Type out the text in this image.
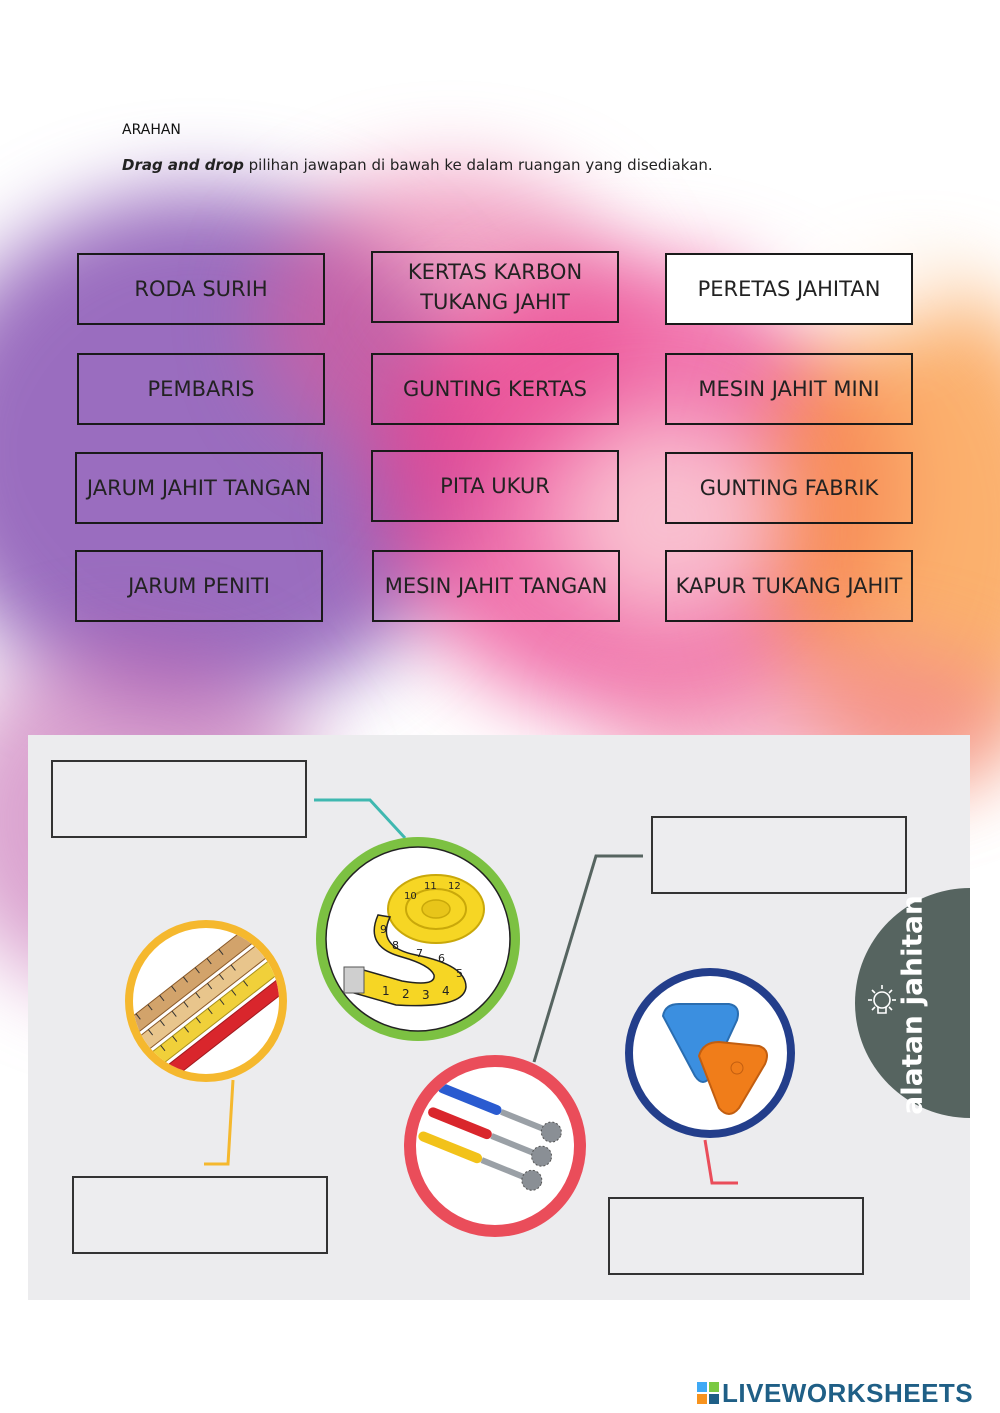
ARAHAN
Drag and drop pilihan jawapan di bawah ke dalam ruangan yang disediakan.
RODA SURIH
KERTAS KARBON TUKANG JAHIT
PERETAS JAHITAN
PEMBARIS	GUNTING KERTAS	MESIN JAHIT MINI
JARUM JAHIT TANGAN	PITA UKUR	GUNTING FABRIK
JARUM PENITI	MESIN JAHIT TANGAN	KAPUR TUKANG JAHIT
1 2 3 4
5
6
7
8
9
10
11 12
alatan jahitan
LIVEWORKSHEETS
